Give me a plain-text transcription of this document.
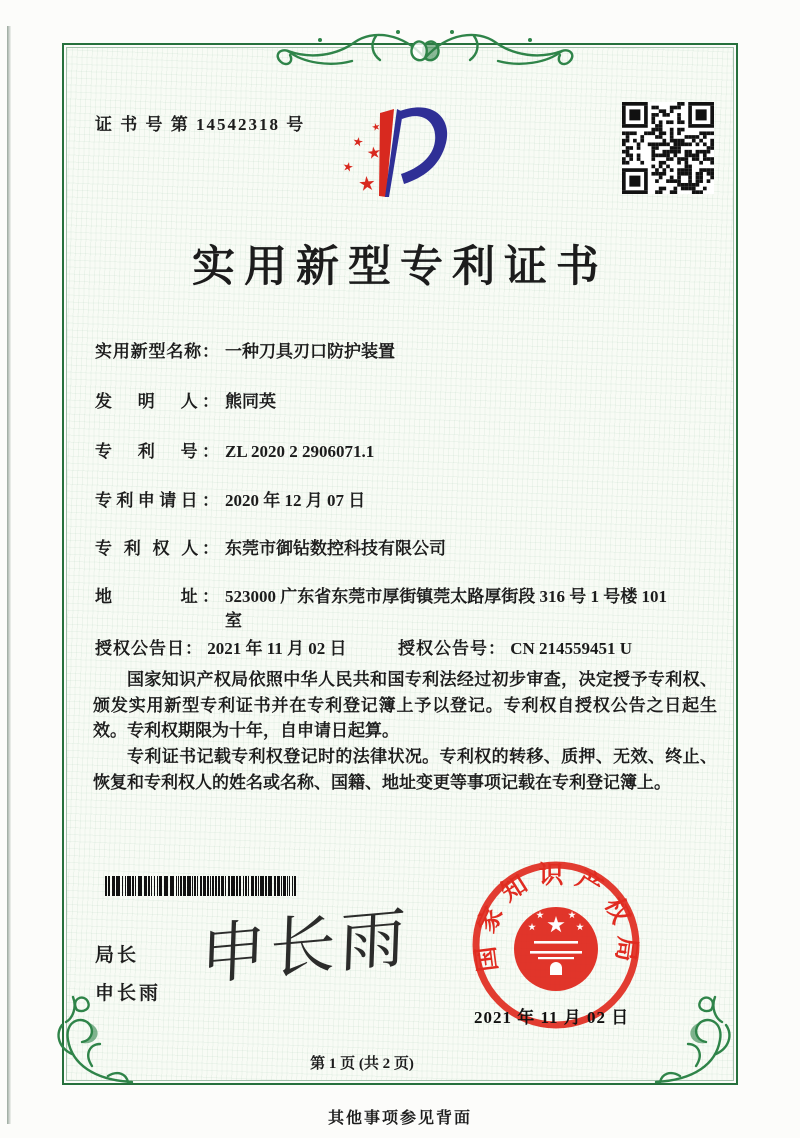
证 书 号 第 14542318 号
实用新型专利证书
实用新型名称： 一种刀具刃口防护装置
发　明　人： 熊同英
专　利　号： ZL 2020 2 2906071.1
专利申请日： 2020 年 12 月 07 日
专 利 权 人： 东莞市御钻数控科技有限公司
地　　　址： 523000 广东省东莞市厚街镇莞太路厚街段 316 号 1 号楼 101 室
授权公告日： 2021 年 11 月 02 日	授权公告号： CN 214559451 U
国家知识产权局依照中华人民共和国专利法经过初步审查，决定授予专利权、颁发实用新型专利证书并在专利登记簿上予以登记。专利权自授权公告之日起生效。专利权期限为十年，自申请日起算。
专利证书记载专利权登记时的法律状况。专利权的转移、质押、无效、终止、恢复和专利权人的姓名或名称、国籍、地址变更等事项记载在专利登记簿上。
局长
申长雨
申长雨 国家知识产权局
2021 年 11 月 02 日
第 1 页 (共 2 页)
其他事项参见背面
